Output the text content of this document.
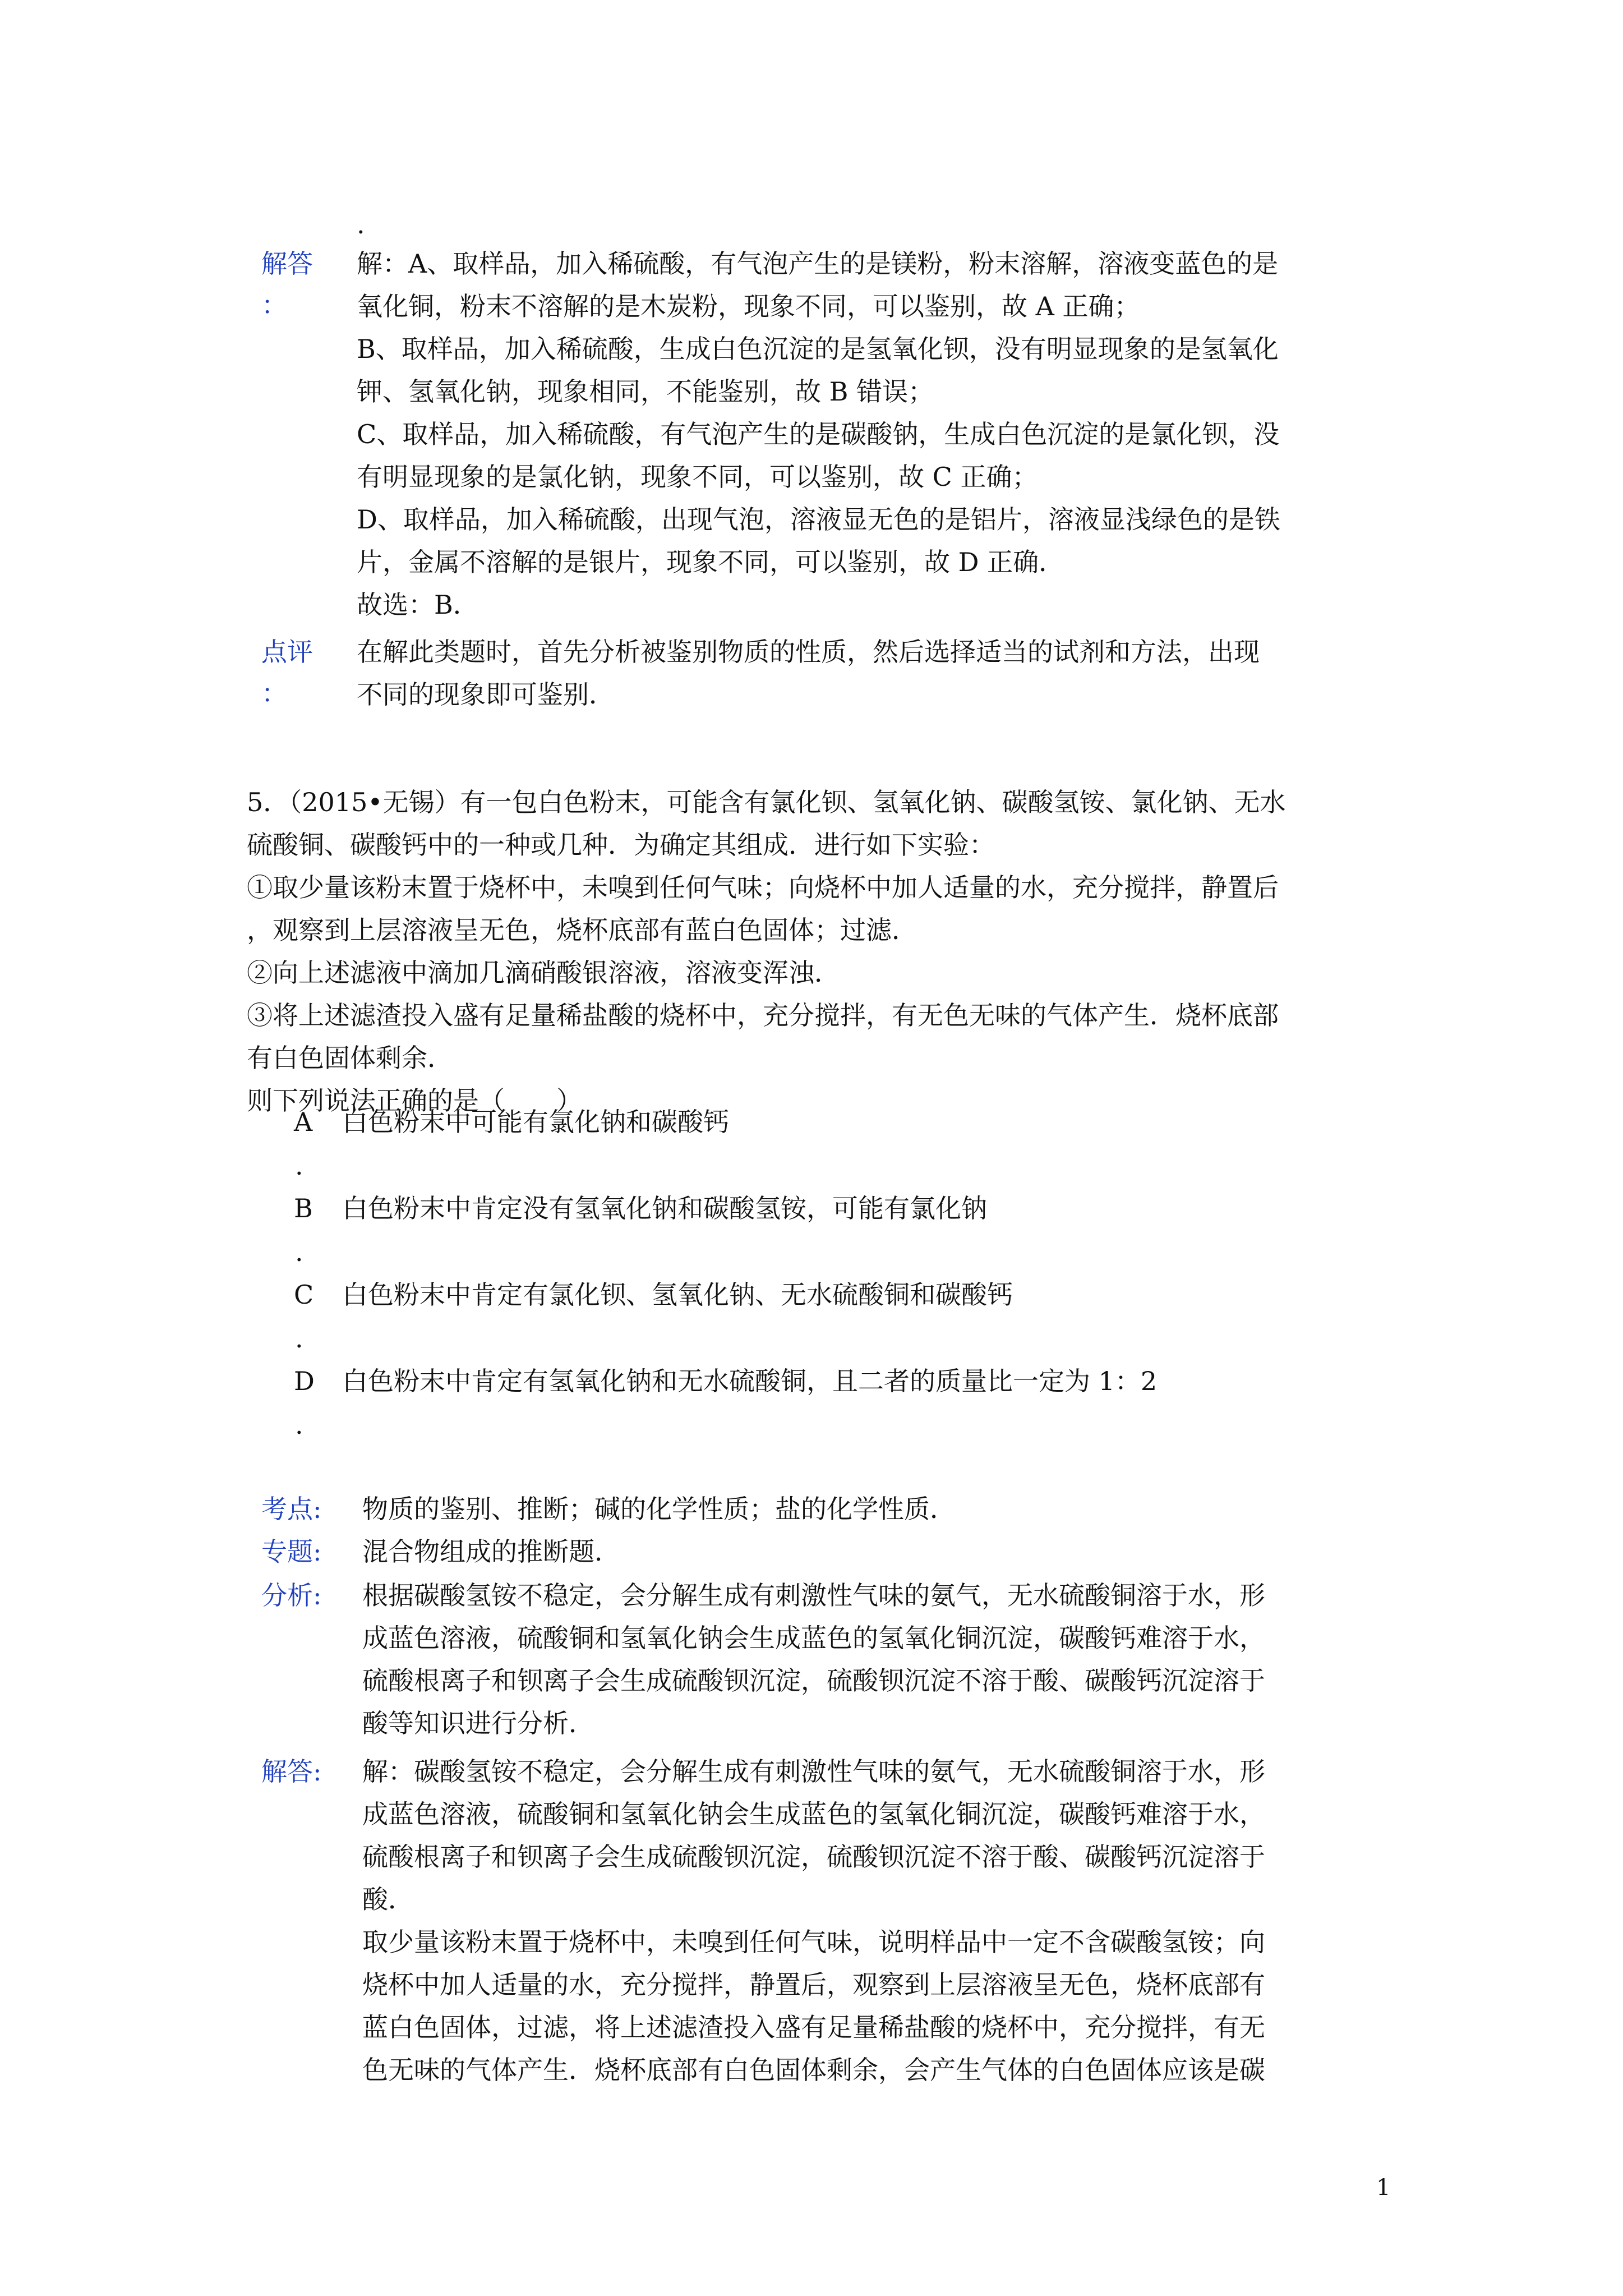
.
解答
：
解：A、取样品，加入稀硫酸，有气泡产生的是镁粉，粉末溶解，溶液变蓝色的是
氧化铜，粉末不溶解的是木炭粉，现象不同，可以鉴别，故 A 正确；
B、取样品，加入稀硫酸，生成白色沉淀的是氢氧化钡，没有明显现象的是氢氧化
钾、氢氧化钠，现象相同，不能鉴别，故 B 错误；
C、取样品，加入稀硫酸，有气泡产生的是碳酸钠，生成白色沉淀的是氯化钡，没
有明显现象的是氯化钠，现象不同，可以鉴别，故 C 正确；
D、取样品，加入稀硫酸，出现气泡，溶液显无色的是铝片，溶液显浅绿色的是铁
片，金属不溶解的是银片，现象不同，可以鉴别，故 D 正确．
故选：B．
点评
：
在解此类题时，首先分析被鉴别物质的性质，然后选择适当的试剂和方法，出现
不同的现象即可鉴别．
5．（2015•无锡）有一包白色粉末，可能含有氯化钡、氢氧化钠、碳酸氢铵、氯化钠、无水
硫酸铜、碳酸钙中的一种或几种．为确定其组成．进行如下实验：
①取少量该粉末置于烧杯中，未嗅到任何气味；向烧杯中加人适量的水，充分搅拌，静置后
，观察到上层溶液呈无色，烧杯底部有蓝白色固体；过滤．
②向上述滤液中滴加几滴硝酸银溶液，溶液变浑浊．
③将上述滤渣投入盛有足量稀盐酸的烧杯中，充分搅拌，有无色无味的气体产生．烧杯底部
有白色固体剩余．
则下列说法正确的是（　　）
A 白色粉末中可能有氯化钠和碳酸钙
.
B 白色粉末中肯定没有氢氧化钠和碳酸氢铵，可能有氯化钠
.
C 白色粉末中肯定有氯化钡、氢氧化钠、无水硫酸铜和碳酸钙
.
D 白色粉末中肯定有氢氧化钠和无水硫酸铜，且二者的质量比一定为 1：2
.
考点: 物质的鉴别、推断；碱的化学性质；盐的化学性质．
专题: 混合物组成的推断题．
分析: 根据碳酸氢铵不稳定，会分解生成有刺激性气味的氨气，无水硫酸铜溶于水，形
成蓝色溶液，硫酸铜和氢氧化钠会生成蓝色的氢氧化铜沉淀，碳酸钙难溶于水，
硫酸根离子和钡离子会生成硫酸钡沉淀，硫酸钡沉淀不溶于酸、碳酸钙沉淀溶于
酸等知识进行分析．
解答: 解：碳酸氢铵不稳定，会分解生成有刺激性气味的氨气，无水硫酸铜溶于水，形
成蓝色溶液，硫酸铜和氢氧化钠会生成蓝色的氢氧化铜沉淀，碳酸钙难溶于水，
硫酸根离子和钡离子会生成硫酸钡沉淀，硫酸钡沉淀不溶于酸、碳酸钙沉淀溶于
酸．
取少量该粉末置于烧杯中，未嗅到任何气味，说明样品中一定不含碳酸氢铵；向
烧杯中加人适量的水，充分搅拌，静置后，观察到上层溶液呈无色，烧杯底部有
蓝白色固体，过滤，将上述滤渣投入盛有足量稀盐酸的烧杯中，充分搅拌，有无
色无味的气体产生．烧杯底部有白色固体剩余，会产生气体的白色固体应该是碳
1
